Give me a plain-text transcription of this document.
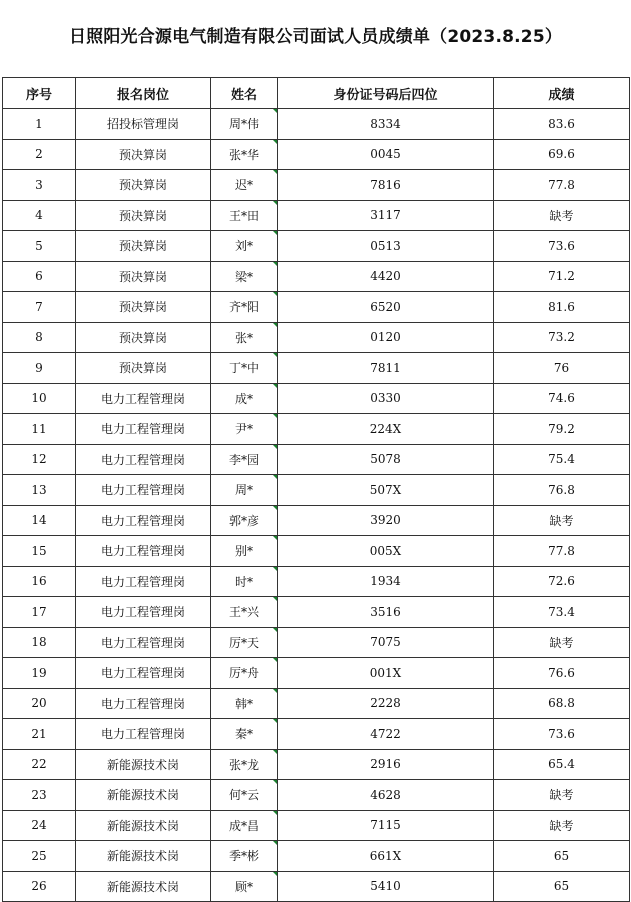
日照阳光合源电气制造有限公司面试人员成绩单（2023.8.25）
序号	报名岗位	姓名	身份证号码后四位	成绩
1	招投标管理岗	周*伟	8334	83.6
2	预决算岗	张*华	0045	69.6
3	预决算岗	迟*	7816	77.8
4	预决算岗	王*田	3117	缺考
5	预决算岗	刘*	0513	73.6
6	预决算岗	梁*	4420	71.2
7	预决算岗	齐*阳	6520	81.6
8	预决算岗	张*	0120	73.2
9	预决算岗	丁*中	7811	76
10	电力工程管理岗	成*	0330	74.6
11	电力工程管理岗	尹*	224X	79.2
12	电力工程管理岗	李*园	5078	75.4
13	电力工程管理岗	周*	507X	76.8
14	电力工程管理岗	郭*彦	3920	缺考
15	电力工程管理岗	别*	005X	77.8
16	电力工程管理岗	时*	1934	72.6
17	电力工程管理岗	王*兴	3516	73.4
18	电力工程管理岗	厉*天	7075	缺考
19	电力工程管理岗	厉*舟	001X	76.6
20	电力工程管理岗	韩*	2228	68.8
21	电力工程管理岗	秦*	4722	73.6
22	新能源技术岗	张*龙	2916	65.4
23	新能源技术岗	何*云	4628	缺考
24	新能源技术岗	成*昌	7115	缺考
25	新能源技术岗	季*彬	661X	65
26	新能源技术岗	顾*	5410	65
